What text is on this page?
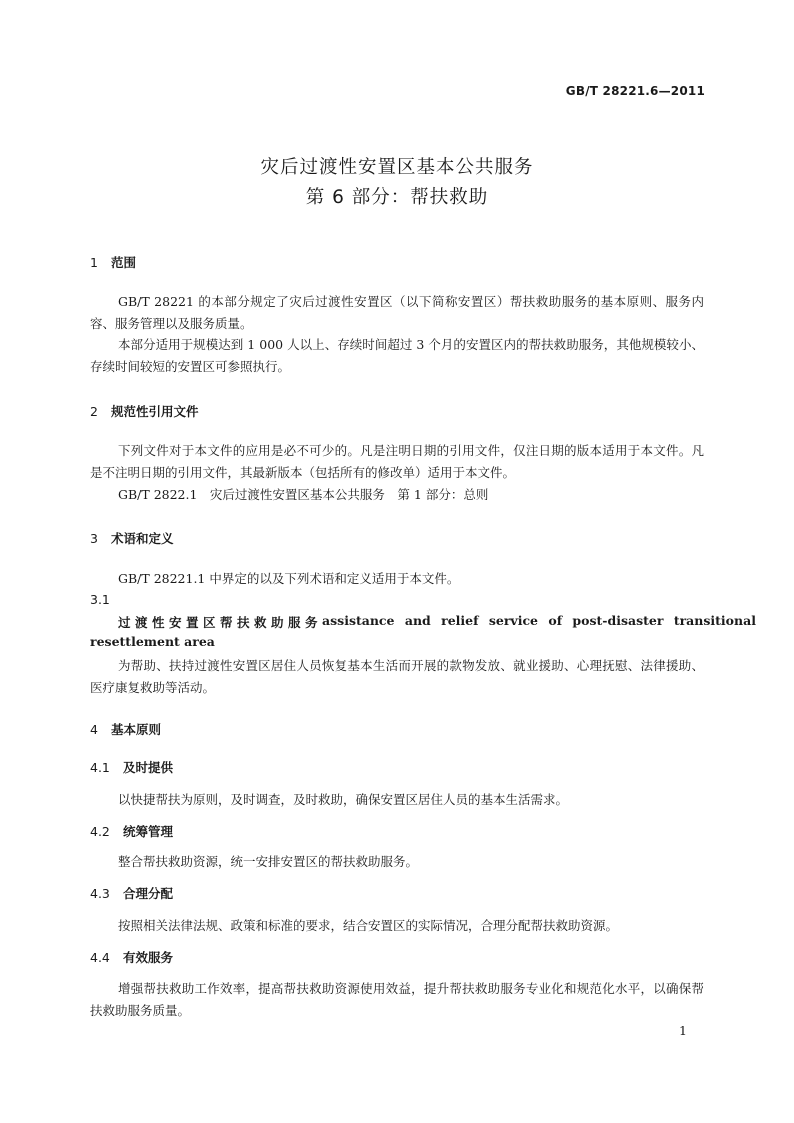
GB/T 28221.6—2011
灾后过渡性安置区基本公共服务
第 6 部分：帮扶救助
1 范围
GB/T 28221 的本部分规定了灾后过渡性安置区（以下简称安置区）帮扶救助服务的基本原则、服务内容、服务管理以及服务质量。
本部分适用于规模达到 1 000 人以上、存续时间超过 3 个月的安置区内的帮扶救助服务，其他规模较小、存续时间较短的安置区可参照执行。
2 规范性引用文件
下列文件对于本文件的应用是必不可少的。凡是注明日期的引用文件，仅注日期的版本适用于本文件。凡是不注明日期的引用文件，其最新版本（包括所有的修改单）适用于本文件。
GB/T 2822.1　灾后过渡性安置区基本公共服务　第 1 部分：总则
3 术语和定义
GB/T 28221.1 中界定的以及下列术语和定义适用于本文件。
3.1
过渡性安置区帮扶救助服务 assistance and relief service of post-disaster transitional
resettlement area
为帮助、扶持过渡性安置区居住人员恢复基本生活而开展的款物发放、就业援助、心理抚慰、法律援助、医疗康复救助等活动。
4 基本原则
4.1 及时提供
以快捷帮扶为原则，及时调查，及时救助，确保安置区居住人员的基本生活需求。
4.2 统筹管理
整合帮扶救助资源，统一安排安置区的帮扶救助服务。
4.3 合理分配
按照相关法律法规、政策和标准的要求，结合安置区的实际情况，合理分配帮扶救助资源。
4.4 有效服务
增强帮扶救助工作效率，提高帮扶救助资源使用效益，提升帮扶救助服务专业化和规范化水平，以确保帮扶救助服务质量。
1
